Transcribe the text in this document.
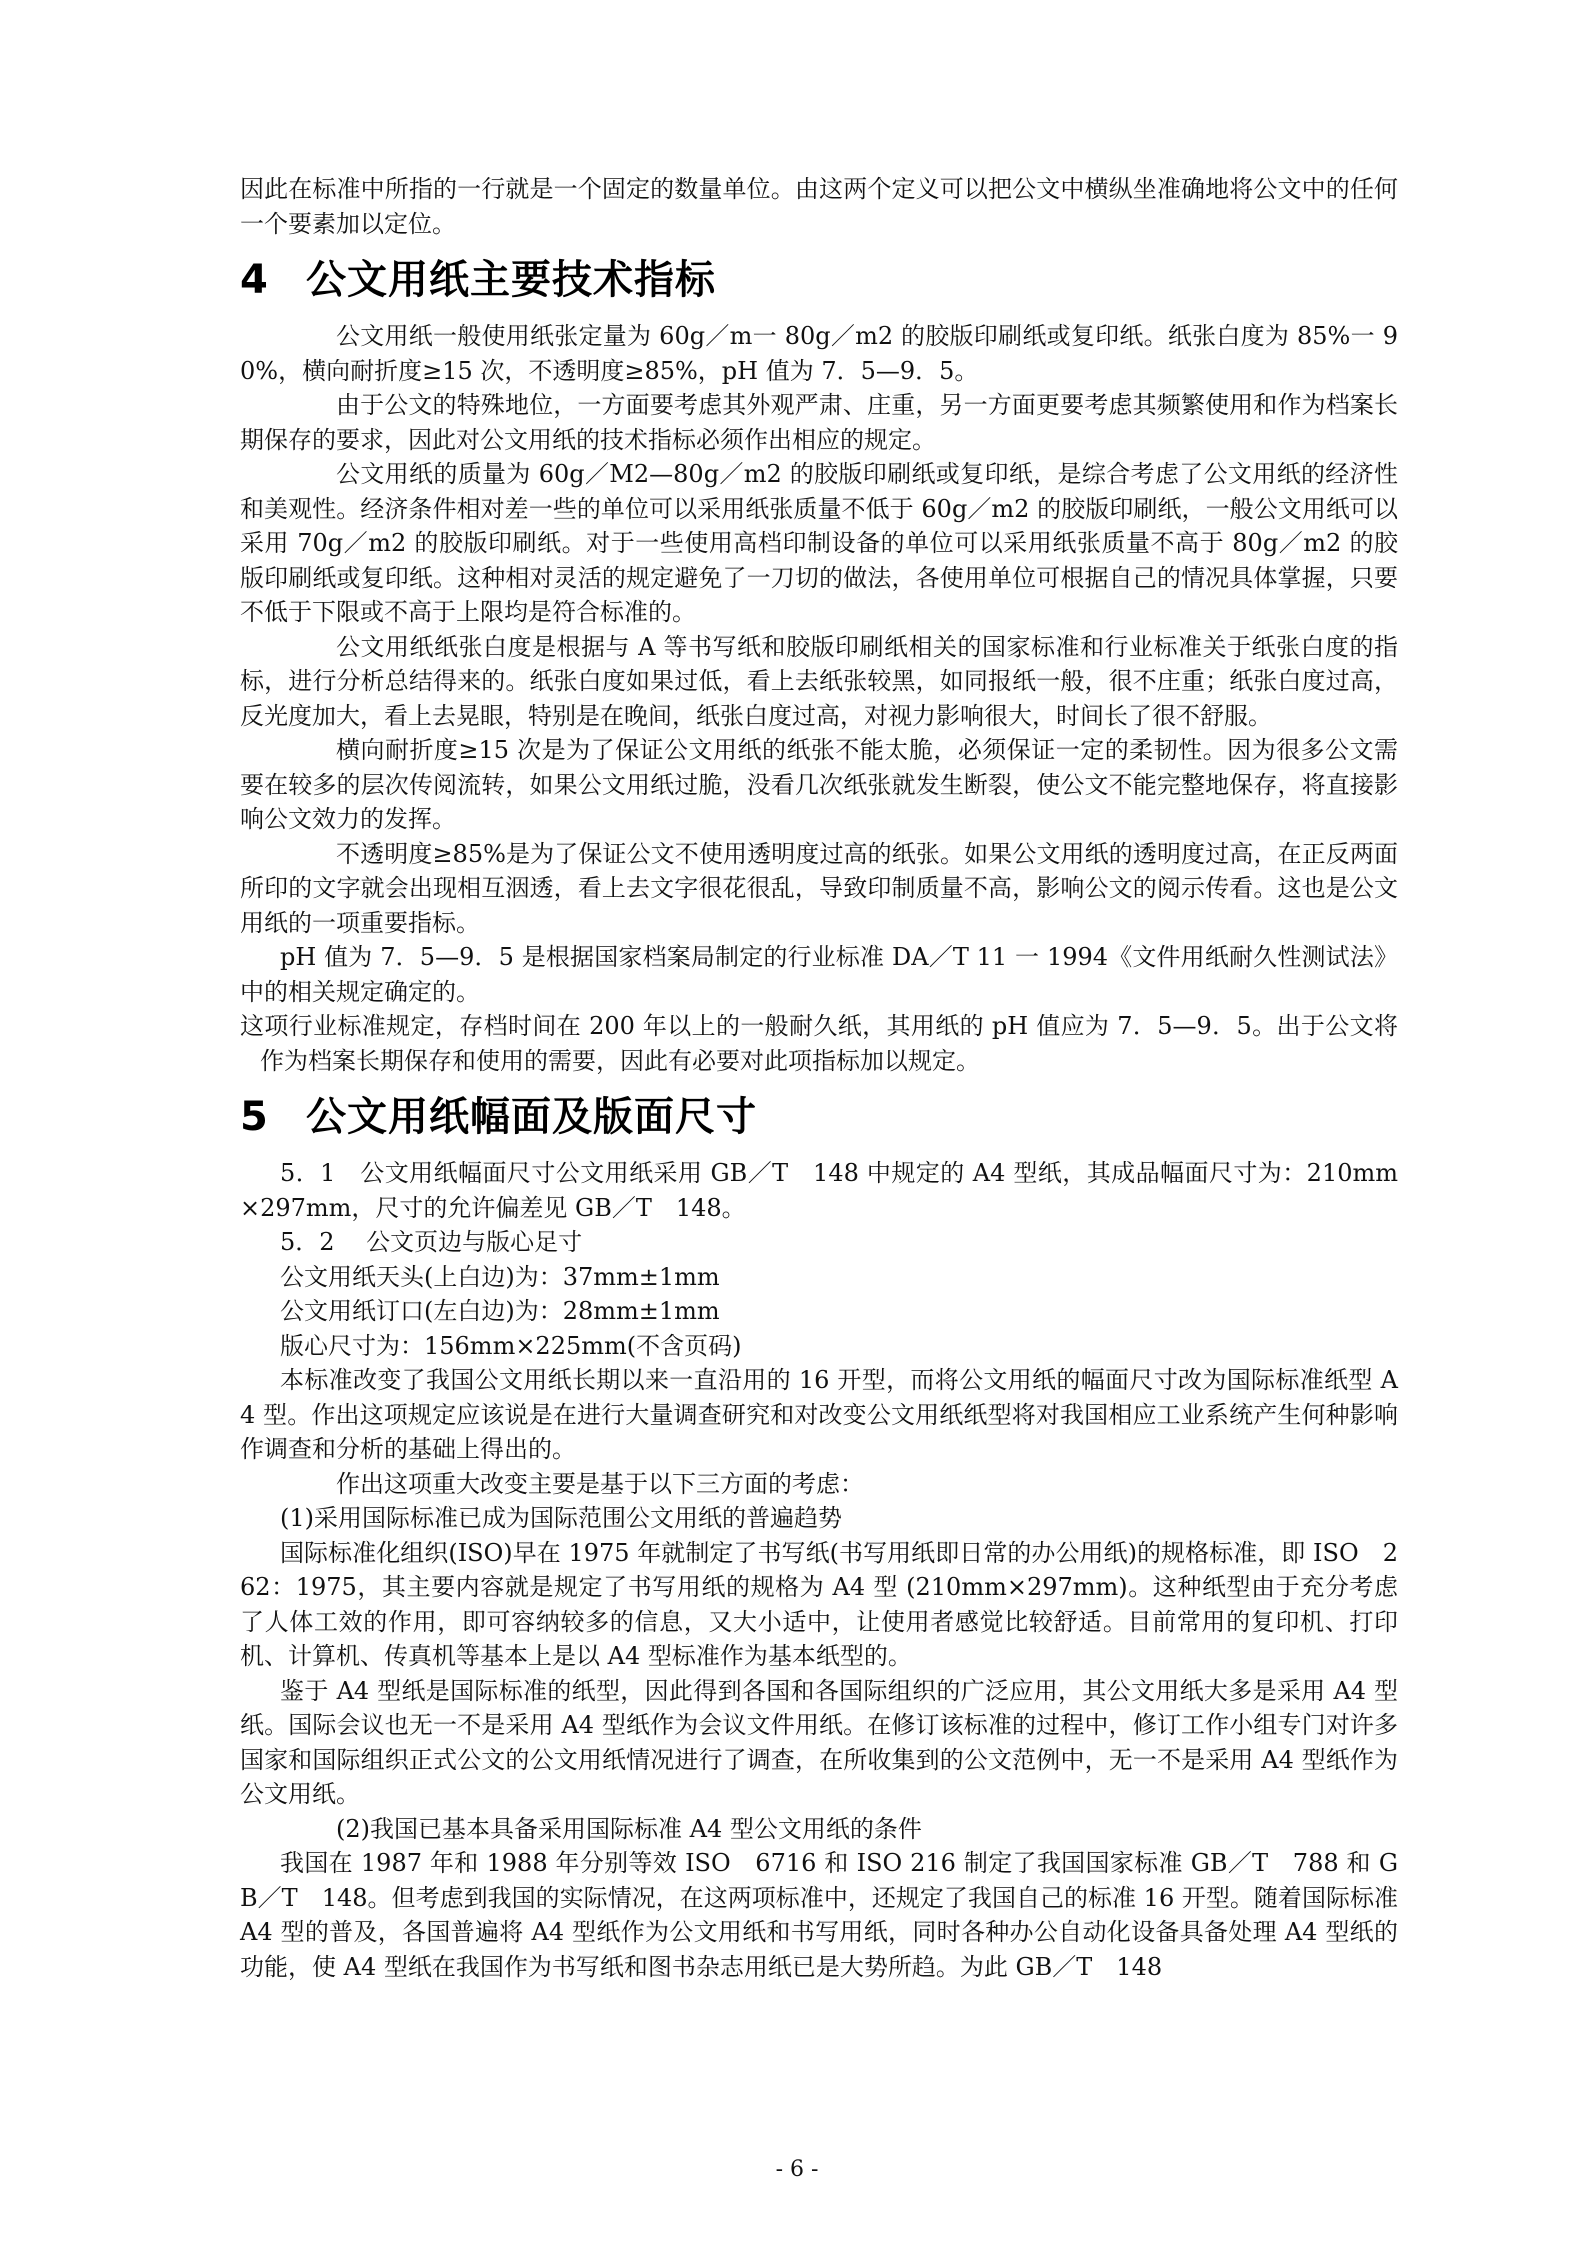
因此在标准中所指的一行就是一个固定的数量单位。由这两个定义可以把公文中横纵坐准确地将公文中的任何一个要素加以定位。

4 公文用纸主要技术指标

公文用纸一般使用纸张定量为 60g／m一 80g／m2 的胶版印刷纸或复印纸。纸张白度为 85%一 90%，横向耐折度≥15 次，不透明度≥85%，pH 值为 7．5—9．5。

由于公文的特殊地位，一方面要考虑其外观严肃、庄重，另一方面更要考虑其频繁使用和作为档案长期保存的要求，因此对公文用纸的技术指标必须作出相应的规定。

公文用纸的质量为 60g／M2—80g／m2 的胶版印刷纸或复印纸，是综合考虑了公文用纸的经济性和美观性。经济条件相对差一些的单位可以采用纸张质量不低于 60g／m2 的胶版印刷纸，一般公文用纸可以采用 70g／m2 的胶版印刷纸。对于一些使用高档印制设备的单位可以采用纸张质量不高于 80g／m2 的胶版印刷纸或复印纸。这种相对灵活的规定避免了一刀切的做法，各使用单位可根据自己的情况具体掌握，只要不低于下限或不高于上限均是符合标准的。

公文用纸纸张白度是根据与 A 等书写纸和胶版印刷纸相关的国家标准和行业标准关于纸张白度的指标，进行分析总结得来的。纸张白度如果过低，看上去纸张较黑，如同报纸一般，很不庄重；纸张白度过高，反光度加大，看上去晃眼，特别是在晚间，纸张白度过高，对视力影响很大，时间长了很不舒服。

横向耐折度≥15 次是为了保证公文用纸的纸张不能太脆，必须保证一定的柔韧性。因为很多公文需要在较多的层次传阅流转，如果公文用纸过脆，没看几次纸张就发生断裂，使公文不能完整地保存，将直接影响公文效力的发挥。

不透明度≥85%是为了保证公文不使用透明度过高的纸张。如果公文用纸的透明度过高，在正反两面所印的文字就会出现相互洇透，看上去文字很花很乱，导致印制质量不高，影响公文的阅示传看。这也是公文用纸的一项重要指标。

pH 值为 7．5—9．5 是根据国家档案局制定的行业标准 DA／T 11 一 1994《文件用纸耐久性测试法》中的相关规定确定的。

这项行业标准规定，存档时间在 200 年以上的一般耐久纸，其用纸的 pH 值应为 7．5—9．5。出于公文将作为档案长期保存和使用的需要，因此有必要对此项指标加以规定。

5 公文用纸幅面及版面尺寸

5．1　公文用纸幅面尺寸公文用纸采用 GB／T　148 中规定的 A4 型纸，其成品幅面尺寸为：210mm×297mm，尺寸的允许偏差见 GB／T　148。

5．2　 公文页边与版心足寸

公文用纸天头(上白边)为：37mm±1mm

公文用纸订口(左白边)为：28mm±1mm

版心尺寸为：156mm×225mm(不含页码)

本标准改变了我国公文用纸长期以来一直沿用的 16 开型，而将公文用纸的幅面尺寸改为国际标准纸型 A4 型。作出这项规定应该说是在进行大量调查研究和对改变公文用纸纸型将对我国相应工业系统产生何种影响作调查和分析的基础上得出的。

作出这项重大改变主要是基于以下三方面的考虑：

(1)采用国际标准已成为国际范围公文用纸的普遍趋势

国际标准化组织(ISO)早在 1975 年就制定了书写纸(书写用纸即日常的办公用纸)的规格标准，即 ISO　262：1975，其主要内容就是规定了书写用纸的规格为 A4 型 (210mm×297mm)。这种纸型由于充分考虑了人体工效的作用，即可容纳较多的信息，又大小适中，让使用者感觉比较舒适。目前常用的复印机、打印机、计算机、传真机等基本上是以 A4 型标准作为基本纸型的。

鉴于 A4 型纸是国际标准的纸型，因此得到各国和各国际组织的广泛应用，其公文用纸大多是采用 A4 型纸。国际会议也无一不是采用 A4 型纸作为会议文件用纸。在修订该标准的过程中，修订工作小组专门对许多国家和国际组织正式公文的公文用纸情况进行了调查，在所收集到的公文范例中，无一不是采用 A4 型纸作为公文用纸。

(2)我国已基本具备采用国际标准 A4 型公文用纸的条件

我国在 1987 年和 1988 年分别等效 ISO　6716 和 ISO 216 制定了我国国家标准 GB／T　788 和 GB／T　148。但考虑到我国的实际情况，在这两项标准中，还规定了我国自己的标准 16 开型。随着国际标准 A4 型的普及，各国普遍将 A4 型纸作为公文用纸和书写用纸，同时各种办公自动化设备具备处理 A4 型纸的功能，使 A4 型纸在我国作为书写纸和图书杂志用纸已是大势所趋。为此 GB／T　148

- 6 -
